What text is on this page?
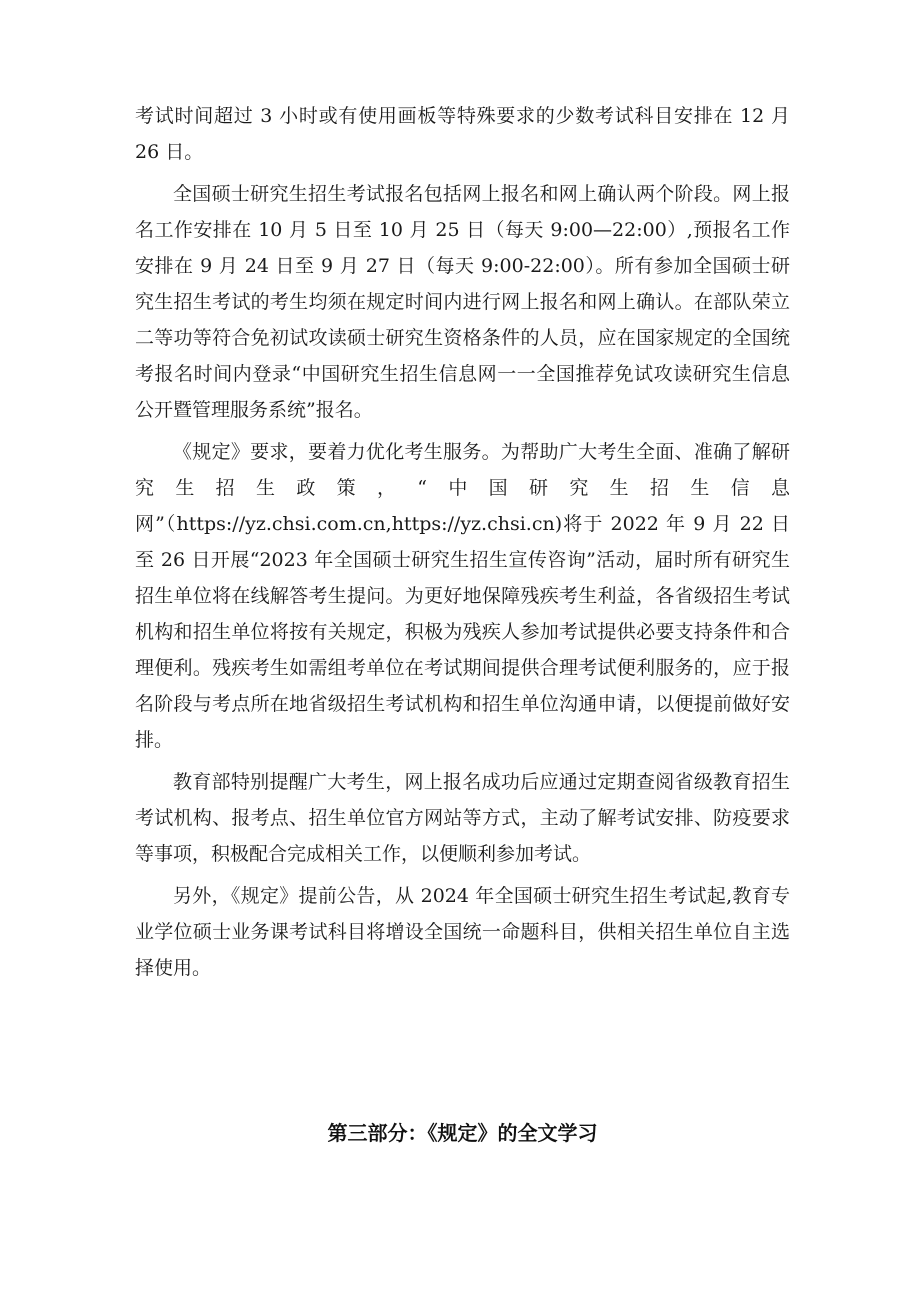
考试时间超过 3 小时或有使用画板等特殊要求的少数考试科目安排在 12 月 26 日。

全国硕士研究生招生考试报名包括网上报名和网上确认两个阶段。网上报名工作安排在 10 月 5 日至 10 月 25 日（每天 9:00—22:00）,预报名工作安排在 9 月 24 日至 9 月 27 日（每天 9:00-22:00）。所有参加全国硕士研究生招生考试的考生均须在规定时间内进行网上报名和网上确认。在部队荣立二等功等符合免初试攻读硕士研究生资格条件的人员，应在国家规定的全国统考报名时间内登录“中国研究生招生信息网一一全国推荐免试攻读研究生信息公开暨管理服务系统”报名。

《规定》要求，要着力优化考生服务。为帮助广大考生全面、准确了解研究生招生政策，“中国研究生招生信息网”（https://yz.chsi.com.cn,https://yz.chsi.cn)将于 2022 年 9 月 22 日至 26 日开展“2023 年全国硕士研究生招生宣传咨询”活动，届时所有研究生招生单位将在线解答考生提问。为更好地保障残疾考生利益，各省级招生考试机构和招生单位将按有关规定，积极为残疾人参加考试提供必要支持条件和合理便利。残疾考生如需组考单位在考试期间提供合理考试便利服务的，应于报名阶段与考点所在地省级招生考试机构和招生单位沟通申请，以便提前做好安排。

教育部特别提醒广大考生，网上报名成功后应通过定期查阅省级教育招生考试机构、报考点、招生单位官方网站等方式，主动了解考试安排、防疫要求等事项，积极配合完成相关工作，以便顺利参加考试。

另外，《规定》提前公告，从 2024 年全国硕士研究生招生考试起,教育专业学位硕士业务课考试科目将增设全国统一命题科目，供相关招生单位自主选择使用。

第三部分：《规定》的全文学习
